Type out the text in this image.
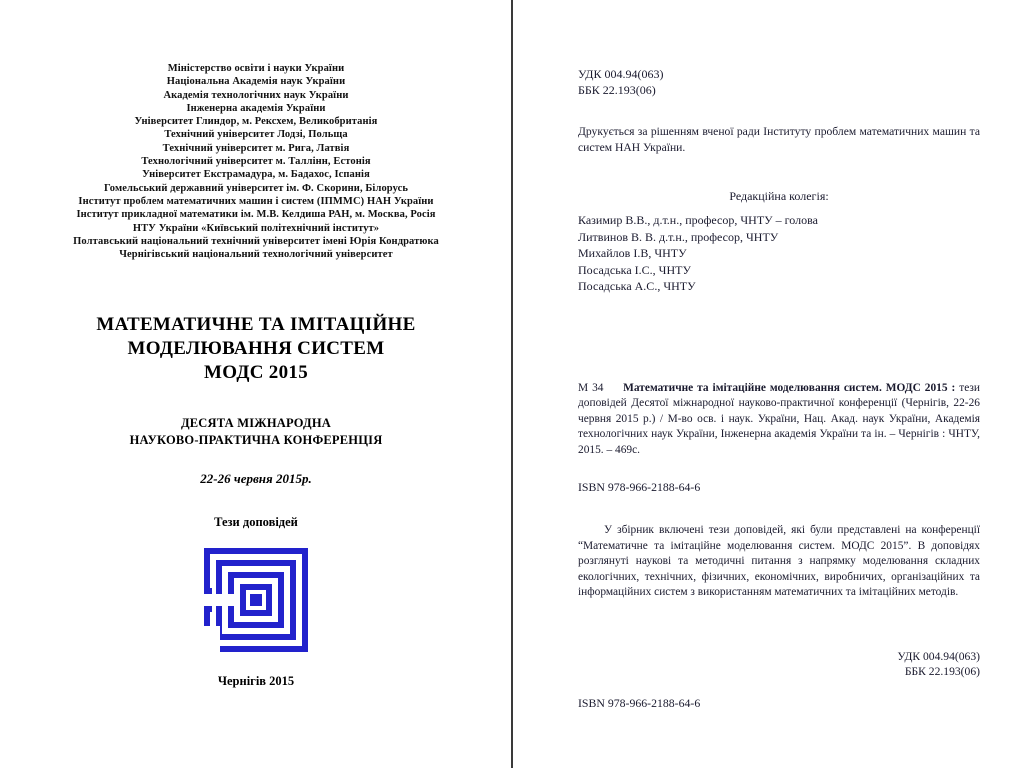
Міністерство освіти і науки України
Національна Академія наук України
Академія технологічних наук України
Інженерна академія України
Університет Глиндор, м. Рексхем, Великобританія
Технічний університет Лодзі, Польща
Технічний університет м. Рига, Латвія
Технологічний університет м. Таллінн, Естонія
Університет Екстрамадура, м. Бадахос, Іспанія
Гомельський державний університет ім. Ф. Скорини, Білорусь
Інститут проблем математичних машин і систем (ІПММС) НАН України
Інститут прикладної математики ім. М.В. Келдиша РАН, м. Москва, Росія
НТУ України «Київський політехнічний інститут»
Полтавський національний технічний університет імені Юрія Кондратюка
Чернігівський національний технологічний університет
МАТЕМАТИЧНЕ ТА ІМІТАЦІЙНЕ
МОДЕЛЮВАННЯ СИСТЕМ
МОДС 2015
ДЕСЯТА МІЖНАРОДНА
НАУКОВО-ПРАКТИЧНА КОНФЕРЕНЦІЯ
22-26 червня 2015р.
Тези доповідей
Чернігів 2015
УДК 004.94(063)
ББК 22.193(06)
Друкується за рішенням вченої ради Інституту проблем математичних машин та систем НАН України.
Редакційна колегія:
Казимир В.В., д.т.н., професор, ЧНТУ – голова
Литвинов В. В. д.т.н., професор, ЧНТУ
Михайлов І.В, ЧНТУ
Посадська І.С., ЧНТУ
Посадська А.С., ЧНТУ
М 34 Математичне та імітаційне моделювання систем. МОДС 2015 : тези доповідей Десятої міжнародної науково-практичної конференції (Чернігів, 22-26 червня 2015 р.) / М-во осв. і наук. України, Нац. Акад. наук України, Академія технологічних наук України, Інженерна академія України та ін. – Чернігів : ЧНТУ, 2015. – 469с.
ISBN 978-966-2188-64-6
У збірник включені тези доповідей, які були представлені на конференції “Математичне та імітаційне моделювання систем. МОДС 2015”. В доповідях розглянуті наукові та методичні питання з напрямку моделювання складних екологічних, технічних, фізичних, економічних, виробничих, організаційних та інформаційних систем з використанням математичних та імітаційних методів.
УДК 004.94(063)
ББК 22.193(06)
ISBN 978-966-2188-64-6
